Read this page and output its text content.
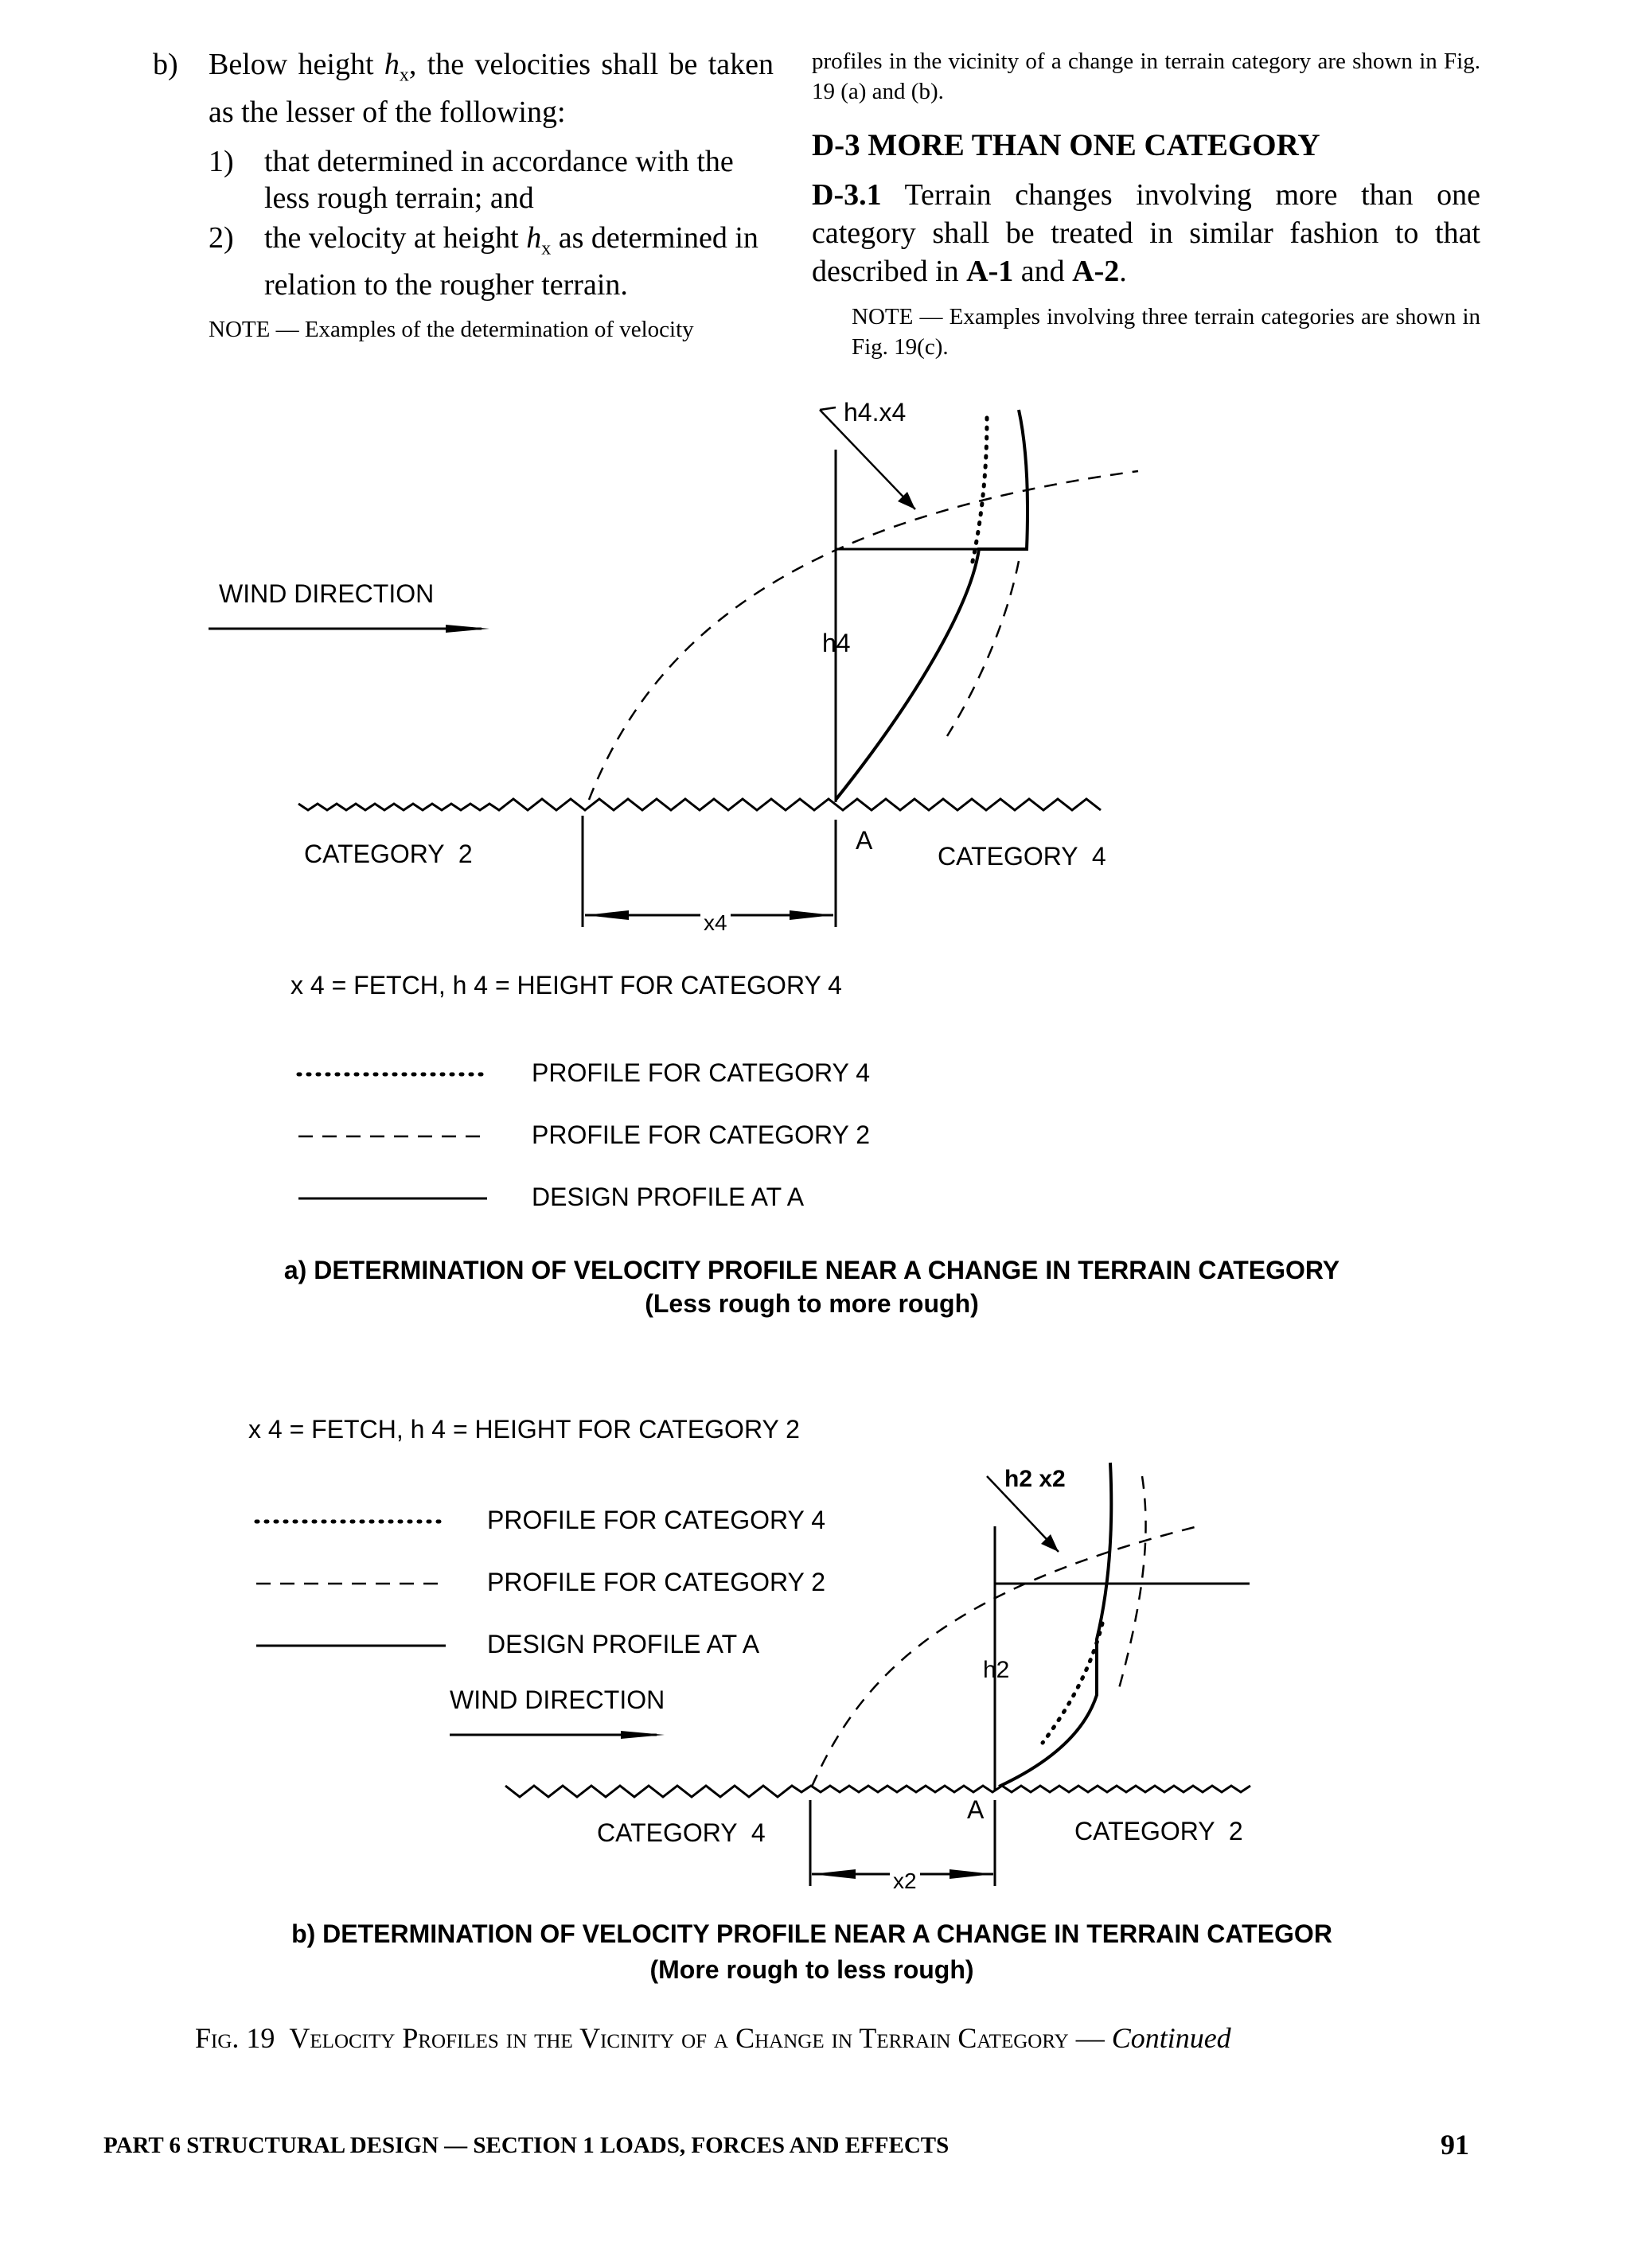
b)	Below height $h_x$, the velocities shall be taken as the lesser of the following:
1)	that determined in accordance with the less rough terrain; and
2)	the velocity at height $h_x$ as determined in relation to the rougher terrain.
NOTE — Examples of the determination of velocity
profiles in the vicinity of a change in terrain category are shown in Fig. 19 (a) and (b).
D-3 MORE THAN ONE CATEGORY

D-3.1 Terrain changes involving more than one category shall be treated in similar fashion to that described in A-1 and A-2.

NOTE — Examples involving three terrain categories are shown in Fig. 19(c).
h4.x4
WIND DIRECTION
h4
CATEGORY  2	A
CATEGORY  4
x4
x 4 = FETCH, h 4 = HEIGHT FOR CATEGORY 4
PROFILE FOR CATEGORY 4
PROFILE FOR CATEGORY 2
DESIGN PROFILE AT A
a) DETERMINATION OF VELOCITY PROFILE NEAR A CHANGE IN TERRAIN CATEGORY
(Less rough to more rough)
x 4 = FETCH, h 4 = HEIGHT FOR CATEGORY 2
PROFILE FOR CATEGORY 4
PROFILE FOR CATEGORY 2
DESIGN PROFILE AT A
WIND DIRECTION
h2 x2
h2
CATEGORY  4
A
CATEGORY  2
x2
b) DETERMINATION OF VELOCITY PROFILE NEAR A CHANGE IN TERRAIN CATEGOR
(More rough to less rough)
Fig. 19 Velocity Profiles in the Vicinity of a Change in Terrain Category — Continued
PART 6 STRUCTURAL DESIGN — SECTION 1 LOADS, FORCES AND EFFECTS	91
